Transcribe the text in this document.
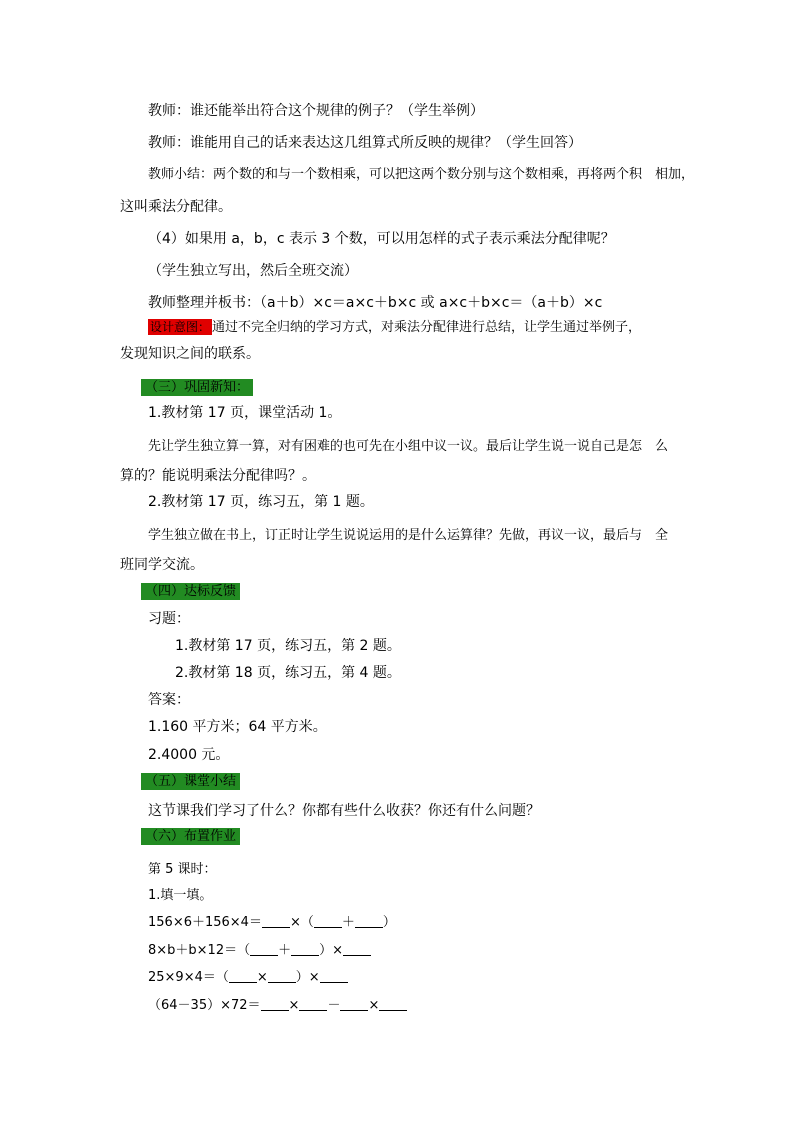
教师：谁还能举出符合这个规律的例子？（学生举例）
教师：谁能用自己的话来表达这几组算式所反映的规律？（学生回答）
教师小结：两个数的和与一个数相乘，可以把这两个数分别与这个数相乘，再将两个积　相加，
这叫乘法分配律。
（4）如果用 a，b，c 表示 3 个数，可以用怎样的式子表示乘法分配律呢？
（学生独立写出，然后全班交流）
教师整理并板书：（a＋b）×c＝a×c＋b×c 或 a×c＋b×c＝（a＋b）×c
设计意图： 通过不完全归纳的学习方式，对乘法分配律进行总结，让学生通过举例子，
发现知识之间的联系。
（三）巩固新知：
1.教材第 17 页，课堂活动 1。
先让学生独立算一算，对有困难的也可先在小组中议一议。最后让学生说一说自己是怎　么
算的？能说明乘法分配律吗？。
2.教材第 17 页，练习五，第 1 题。
学生独立做在书上，订正时让学生说说运用的是什么运算律？先做，再议一议，最后与　全
班同学交流。
（四）达标反馈
习题：
1.教材第 17 页，练习五，第 2 题。
2.教材第 18 页，练习五，第 4 题。
答案：
1.160 平方米；64 平方米。
2.4000 元。
（五）课堂小结
这节课我们学习了什么？你都有些什么收获？你还有什么问题？
（六）布置作业
第 5 课时：
1.填一填。
156×6＋156×4＝ ×（ ＋ ）
8×b＋b×12＝（ ＋ ）×
25×9×4＝（ × ）×
（64－35）×72＝ × － ×
